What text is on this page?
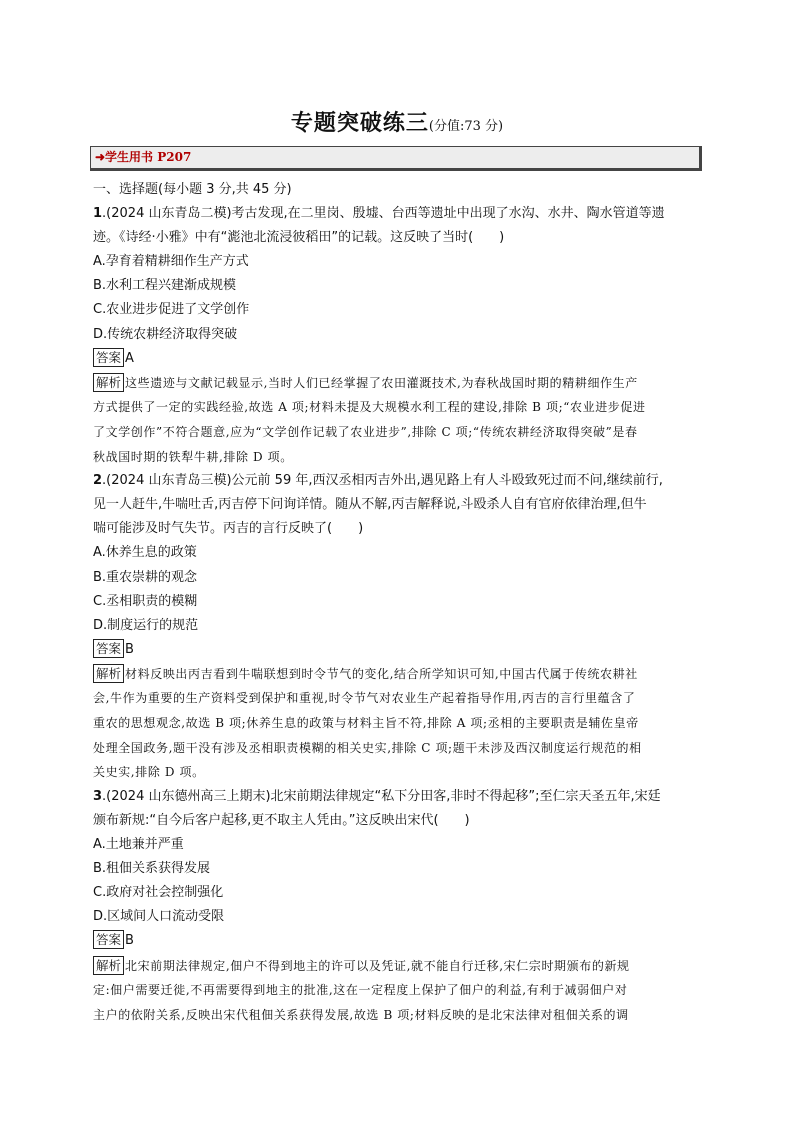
专题突破练三(分值:73 分)
➜学生用书 P207

一、选择题(每小题 3 分,共 45 分)

1.(2024 山东青岛二模)考古发现,在二里岗、殷墟、台西等遗址中出现了水沟、水井、陶水管道等遗
迹。《诗经·小雅》中有“滮池北流浸彼稻田”的记载。这反映了当时(　　)

A.孕育着精耕细作生产方式

B.水利工程兴建渐成规模

C.农业进步促进了文学创作

D.传统农耕经济取得突破

答案 A

解析 这些遗迹与文献记载显示,当时人们已经掌握了农田灌溉技术,为春秋战国时期的精耕细作生产
方式提供了一定的实践经验,故选 A 项;材料未提及大规模水利工程的建设,排除 B 项;“农业进步促进
了文学创作”不符合题意,应为“文学创作记载了农业进步”,排除 C 项;“传统农耕经济取得突破”是春
秋战国时期的铁犁牛耕,排除 D 项。

2.(2024 山东青岛三模)公元前 59 年,西汉丞相丙吉外出,遇见路上有人斗殴致死过而不问,继续前行,
见一人赶牛,牛喘吐舌,丙吉停下问询详情。随从不解,丙吉解释说,斗殴杀人自有官府依律治理,但牛
喘可能涉及时气失节。丙吉的言行反映了(　　)

A.休养生息的政策

B.重农崇耕的观念

C.丞相职责的模糊

D.制度运行的规范

答案 B

解析 材料反映出丙吉看到牛喘联想到时令节气的变化,结合所学知识可知,中国古代属于传统农耕社
会,牛作为重要的生产资料受到保护和重视,时令节气对农业生产起着指导作用,丙吉的言行里蕴含了
重农的思想观念,故选 B 项;休养生息的政策与材料主旨不符,排除 A 项;丞相的主要职责是辅佐皇帝
处理全国政务,题干没有涉及丞相职责模糊的相关史实,排除 C 项;题干未涉及西汉制度运行规范的相
关史实,排除 D 项。

3.(2024 山东德州高三上期末)北宋前期法律规定“私下分田客,非时不得起移”;至仁宗天圣五年,宋廷
颁布新规:“自今后客户起移,更不取主人凭由。”这反映出宋代(　　)

A.土地兼并严重

B.租佃关系获得发展

C.政府对社会控制强化

D.区域间人口流动受限

答案 B

解析 北宋前期法律规定,佃户不得到地主的许可以及凭证,就不能自行迁移,宋仁宗时期颁布的新规
定:佃户需要迁徙,不再需要得到地主的批准,这在一定程度上保护了佃户的利益,有利于减弱佃户对
主户的依附关系,反映出宋代租佃关系获得发展,故选 B 项;材料反映的是北宋法律对租佃关系的调
